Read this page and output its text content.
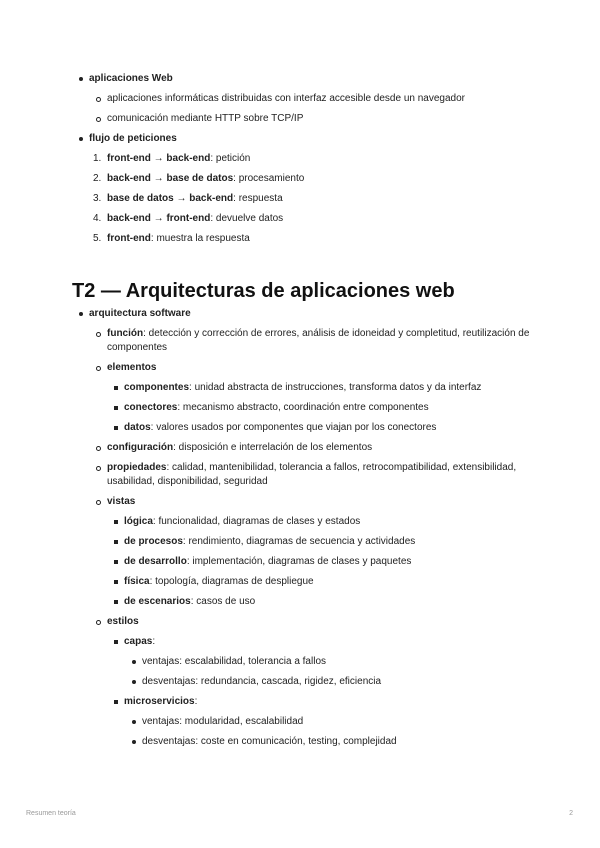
aplicaciones Web
aplicaciones informáticas distribuidas con interfaz accesible desde un navegador
comunicación mediante HTTP sobre TCP/IP
flujo de peticiones
1. front-end → back-end: petición
2. back-end → base de datos: procesamiento
3. base de datos → back-end: respuesta
4. back-end → front-end: devuelve datos
5. front-end: muestra la respuesta
T2 — Arquitecturas de aplicaciones web
arquitectura software
función: detección y corrección de errores, análisis de idoneidad y completitud, reutilización de componentes
elementos
componentes: unidad abstracta de instrucciones, transforma datos y da interfaz
conectores: mecanismo abstracto, coordinación entre componentes
datos: valores usados por componentes que viajan por los conectores
configuración: disposición e interrelación de los elementos
propiedades: calidad, mantenibilidad, tolerancia a fallos, retrocompatibilidad, extensibilidad, usabilidad, disponibilidad, seguridad
vistas
lógica: funcionalidad, diagramas de clases y estados
de procesos: rendimiento, diagramas de secuencia y actividades
de desarrollo: implementación, diagramas de clases y paquetes
física: topología, diagramas de despliegue
de escenarios: casos de uso
estilos
capas:
ventajas: escalabilidad, tolerancia a fallos
desventajas: redundancia, cascada, rigidez, eficiencia
microservicios:
ventajas: modularidad, escalabilidad
desventajas: coste en comunicación, testing, complejidad
Resumen teoría	2
